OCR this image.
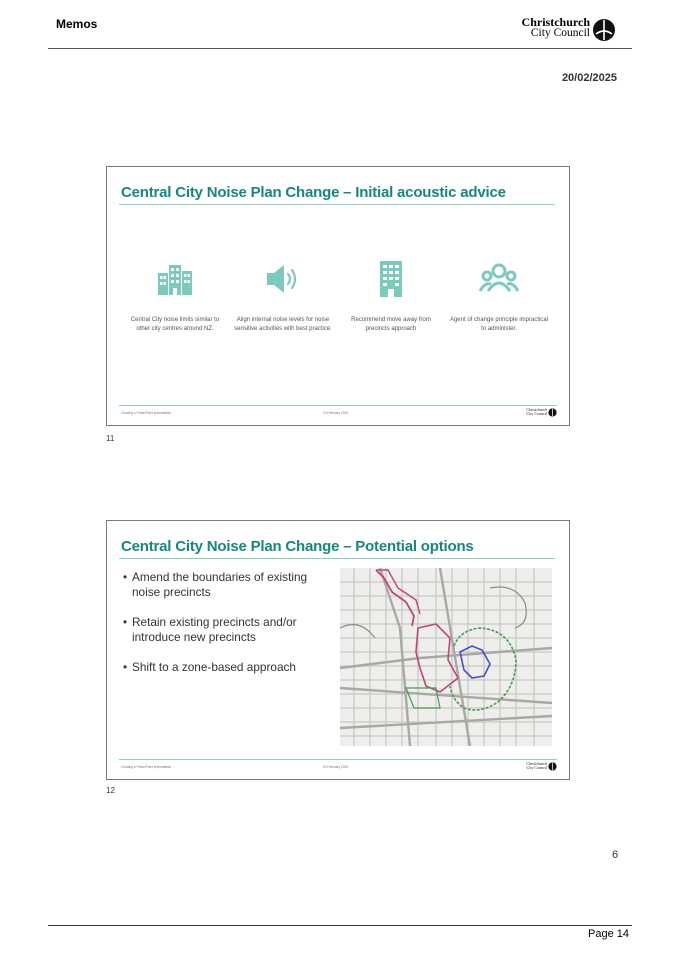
Memos	Christchurch
City Council
20/02/2025
Central City Noise Plan Change – Initial acoustic advice
Central City noise limits similar to other city centres around NZ.
Align internal noise levels for noise sensitive activities with best practice.
Recommend move away from precincts approach
Agent of change principle impractical to administer.
Creating a PowerPoint presentation	20 February 2025
Christchurch
City Council
11
Central City Noise Plan Change – Potential options
• Amend the boundaries of existing noise precincts
• Retain existing precincts and/or introduce new precincts
• Shift to a zone-based approach
Creating a PowerPoint presentation	20 February 2025
Christchurch
City Council
12
6
Page 14
